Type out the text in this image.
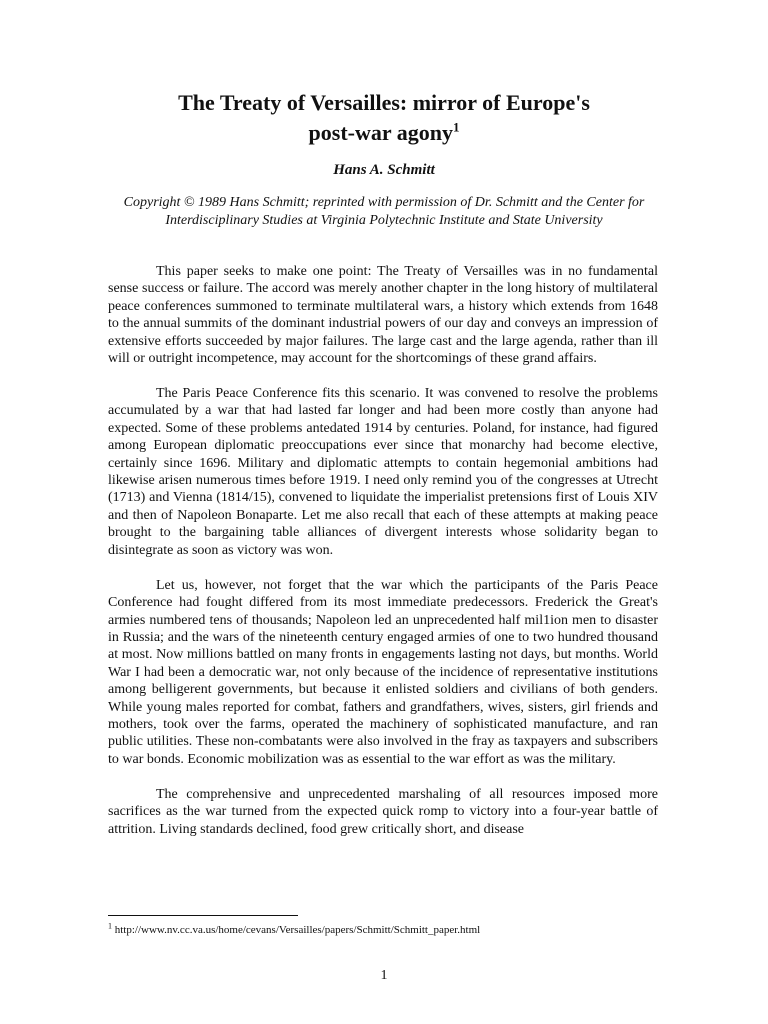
The Treaty of Versailles: mirror of Europe's
post-war agony$^1$
Hans A. Schmitt
Copyright © 1989 Hans Schmitt; reprinted with permission of Dr. Schmitt and the Center for Interdisciplinary Studies at Virginia Polytechnic Institute and State University

This paper seeks to make one point: The Treaty of Versailles was in no fundamental sense success or failure. The accord was merely another chapter in the long history of multilateral peace conferences summoned to terminate multilateral wars, a history which extends from 1648 to the annual summits of the dominant industrial powers of our day and conveys an impression of extensive efforts succeeded by major failures. The large cast and the large agenda, rather than ill will or outright incompetence, may account for the shortcomings of these grand affairs.

The Paris Peace Conference fits this scenario. It was convened to resolve the problems accumulated by a war that had lasted far longer and had been more costly than anyone had expected. Some of these problems antedated 1914 by centuries. Poland, for instance, had figured among European diplomatic preoccupations ever since that monarchy had become elective, certainly since 1696. Military and diplomatic attempts to contain hegemonial ambitions had likewise arisen numerous times before 1919. I need only remind you of the congresses at Utrecht (1713) and Vienna (1814/15), convened to liquidate the imperialist pretensions first of Louis XIV and then of Napoleon Bonaparte. Let me also recall that each of these attempts at making peace brought to the bargaining table alliances of divergent interests whose solidarity began to disintegrate as soon as victory was won.

Let us, however, not forget that the war which the participants of the Paris Peace Conference had fought differed from its most immediate predecessors. Frederick the Great's armies numbered tens of thousands; Napoleon led an unprecedented half mil1ion men to disaster in Russia; and the wars of the nineteenth century engaged armies of one to two hundred thousand at most. Now millions battled on many fronts in engagements lasting not days, but months. World War I had been a democratic war, not only because of the incidence of representative institutions among belligerent governments, but because it enlisted soldiers and civilians of both genders. While young males reported for combat, fathers and grandfathers, wives, sisters, girl friends and mothers, took over the farms, operated the machinery of sophisticated manufacture, and ran public utilities. These non-combatants were also involved in the fray as taxpayers and subscribers to war bonds. Economic mobilization was as essential to the war effort as was the military.

The comprehensive and unprecedented marshaling of all resources imposed more sacrifices as the war turned from the expected quick romp to victory into a four-year battle of attrition. Living standards declined, food grew critically short, and disease

$^1$ http://www.nv.cc.va.us/home/cevans/Versailles/papers/Schmitt/Schmitt_paper.html
1
